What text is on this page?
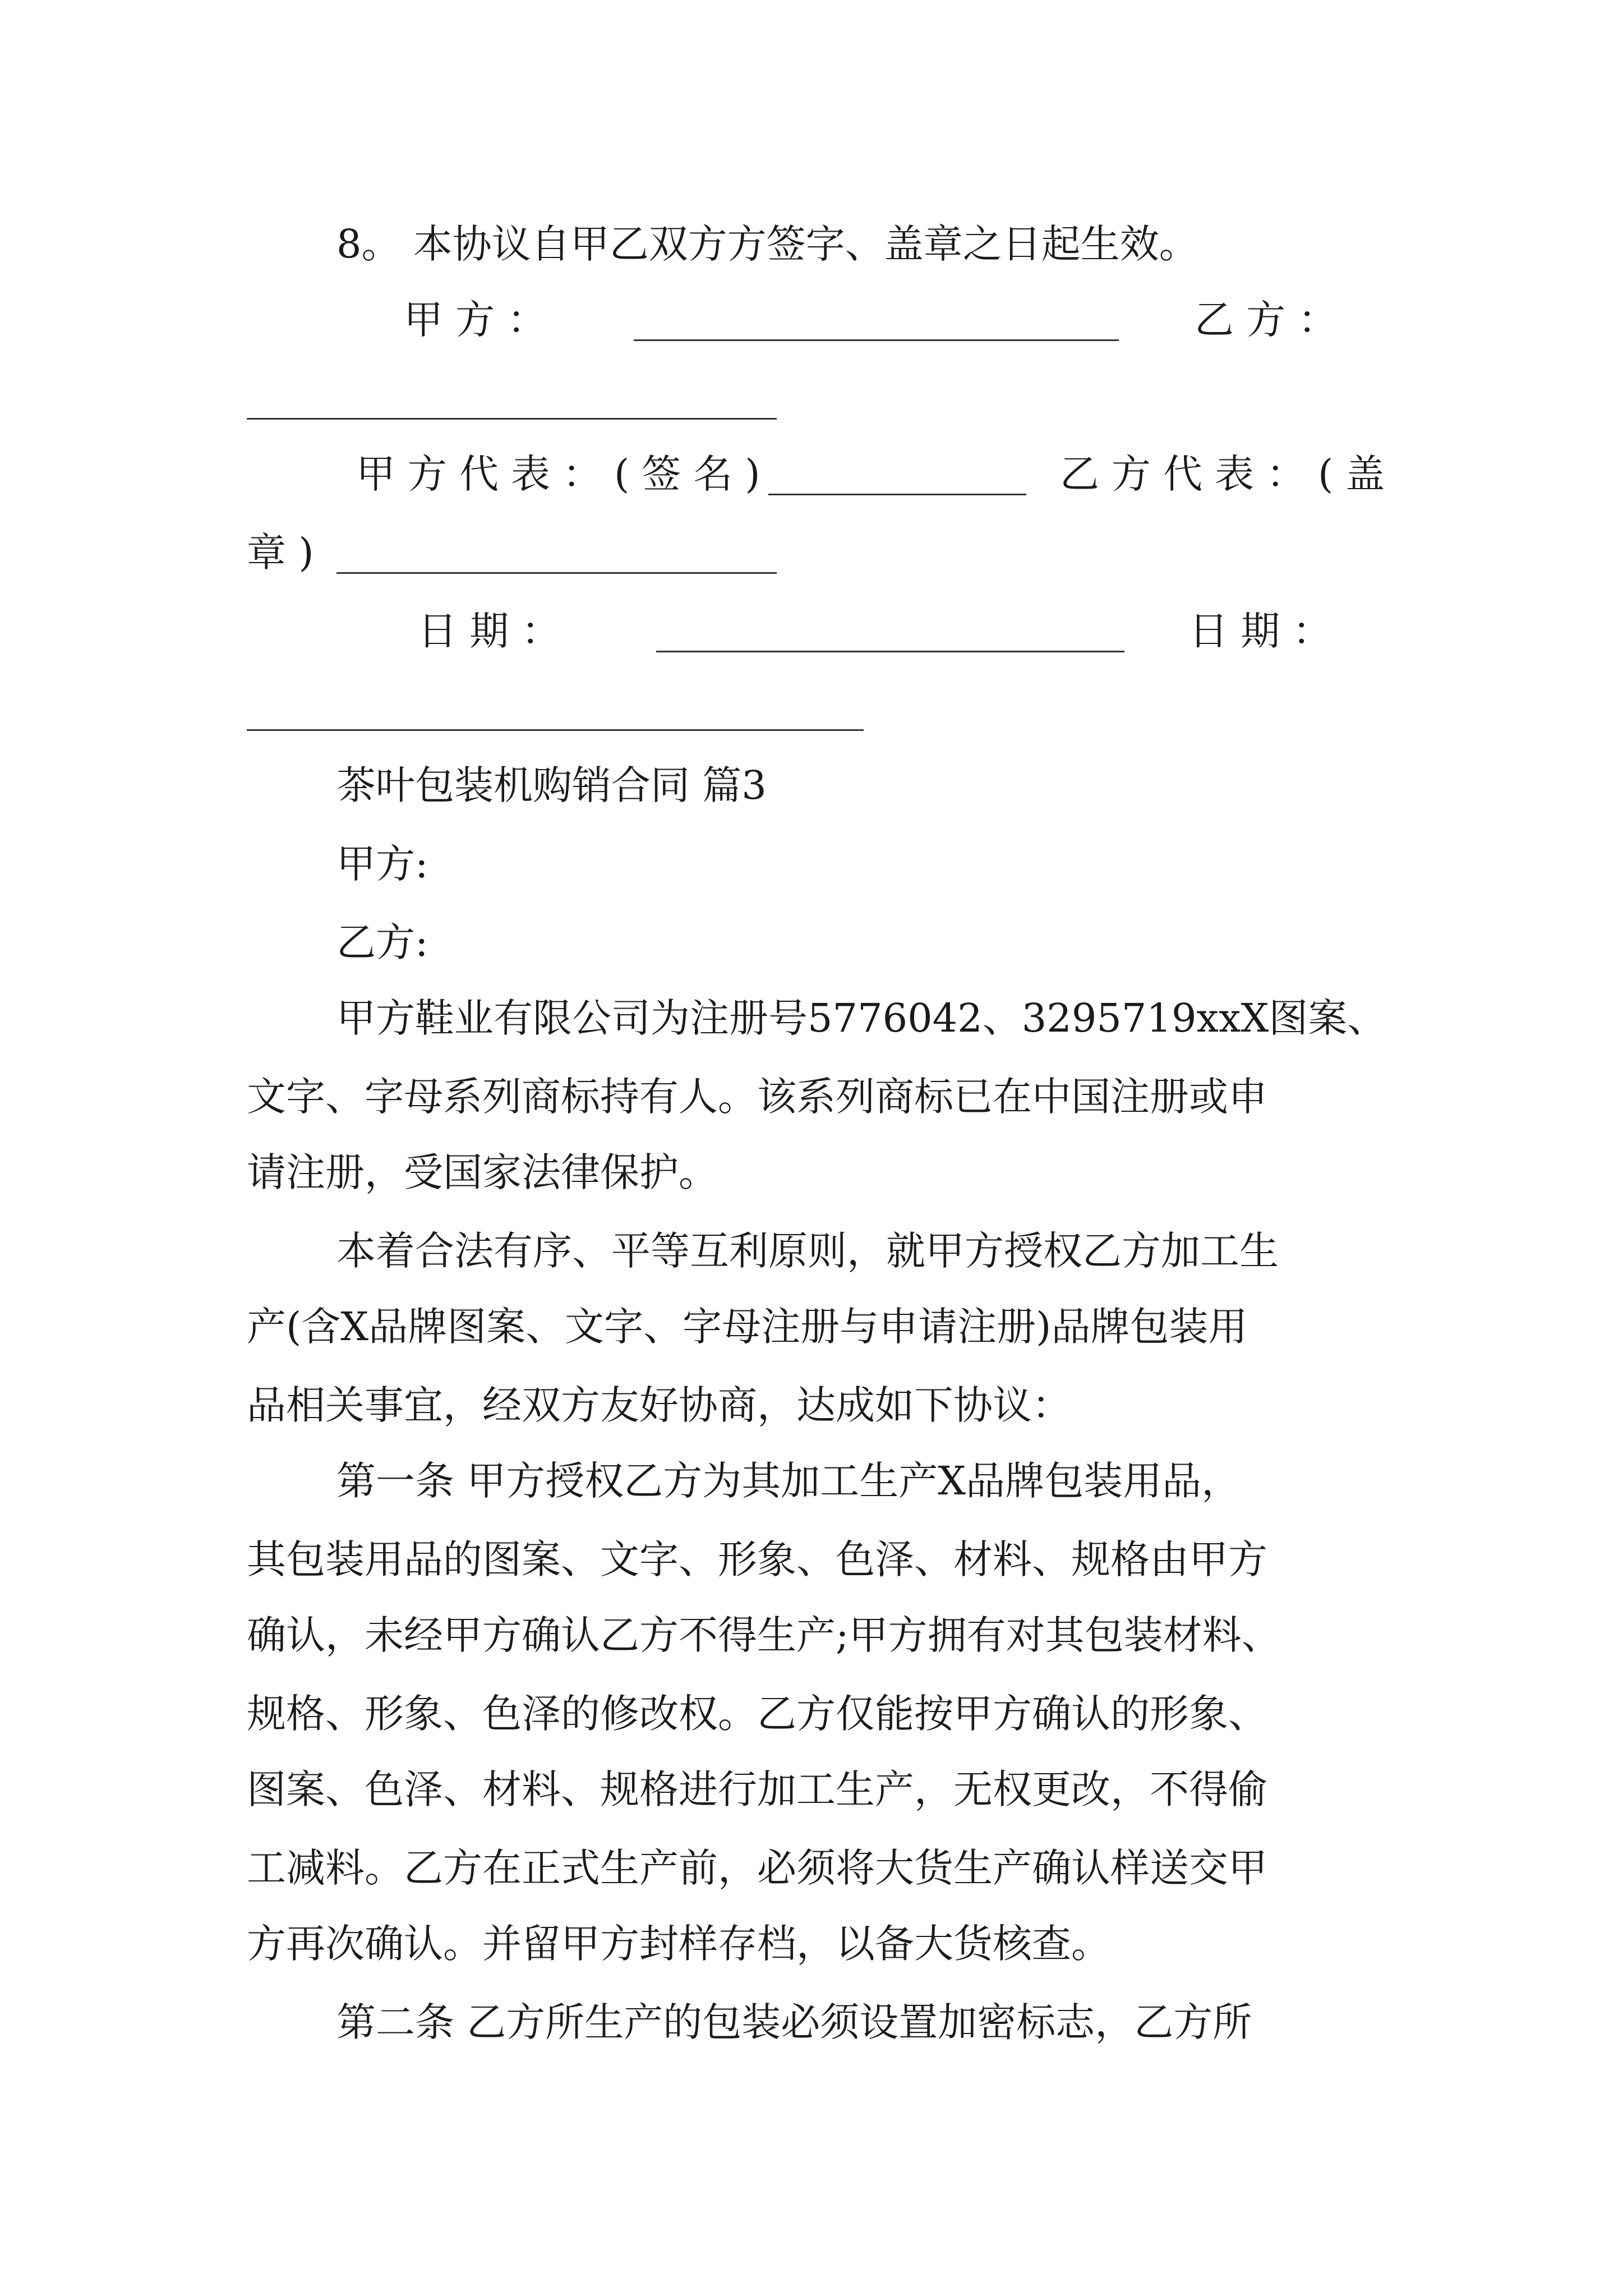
8。 本协议自甲乙双方方签字、盖章之日起生效。
甲 方 ：	乙 方 ：
甲方代表：(签名)	乙方代表：(盖
章 )
日 期 ：	日 期 ：
茶叶包装机购销合同 篇3
甲方:
乙方:
甲方鞋业有限公司为注册号5776042、3295719xxX图案、
文字、字母系列商标持有人。该系列商标已在中国注册或申
请注册，受国家法律保护。
本着合法有序、平等互利原则，就甲方授权乙方加工生
产(含X品牌图案、文字、字母注册与申请注册)品牌包装用
品相关事宜，经双方友好协商，达成如下协议：
第一条 甲方授权乙方为其加工生产X品牌包装用品，
其包装用品的图案、文字、形象、色泽、材料、规格由甲方
确认，未经甲方确认乙方不得生产;甲方拥有对其包装材料、
规格、形象、色泽的修改权。乙方仅能按甲方确认的形象、
图案、色泽、材料、规格进行加工生产，无权更改，不得偷
工减料。乙方在正式生产前，必须将大货生产确认样送交甲
方再次确认。并留甲方封样存档，以备大货核查。
第二条 乙方所生产的包装必须设置加密标志，乙方所
